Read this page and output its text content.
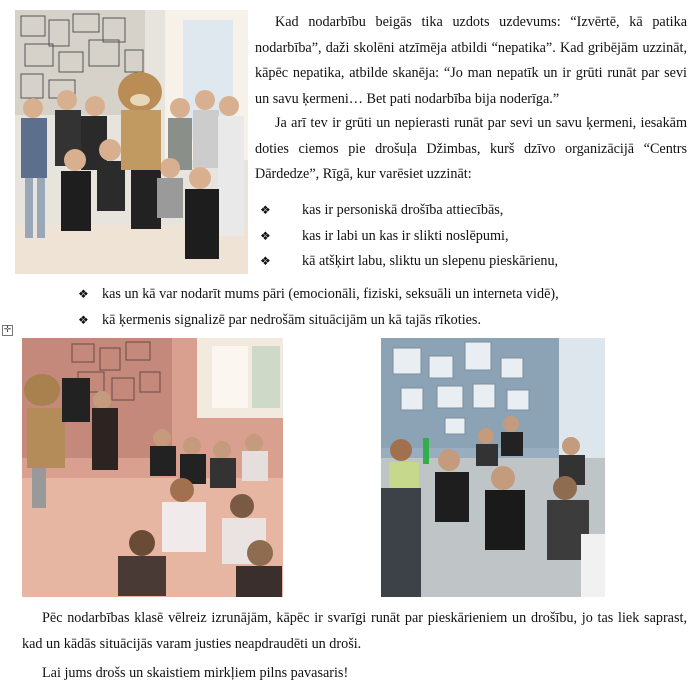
Kad nodarbību beigās tika uzdots uzdevums: “Izvērtē, kā patika nodarbība”, daži skolēni atzīmēja atbildi “nepatika”. Kad gribējām uzzināt, kāpēc nepatika, atbilde skanēja: “Jo man nepatīk un ir grūti runāt par sevi un savu ķermeni… Bet pati nodarbība bija noderīga.”

Ja arī tev ir grūti un nepierasti runāt par sevi un savu ķermeni, iesakām doties ciemos pie drošuļa Džimbas, kurš dzīvo organizācijā “Centrs Dārdedze”, Rīgā, kur varēsiet uzzināt:

❖ kas ir personiskā drošība attiecībās,
❖ kas ir labi un kas ir slikti noslēpumi,
❖ kā atšķirt labu, sliktu un slepenu pieskārienu,
❖ kas un kā var nodarīt mums pāri (emocionāli, fiziski, seksuāli un interneta vidē),
❖ kā ķermenis signalizē par nedrošām situācijām un kā tajās rīkoties.
✛

Pēc nodarbības klasē vēlreiz izrunājām, kāpēc ir svarīgi runāt par pieskārieniem un drošību, jo tas liek saprast, kad un kādās situācijās varam justies neapdraudēti un droši.

Lai jums drošs un skaistiem mirkļiem pilns pavasaris!
